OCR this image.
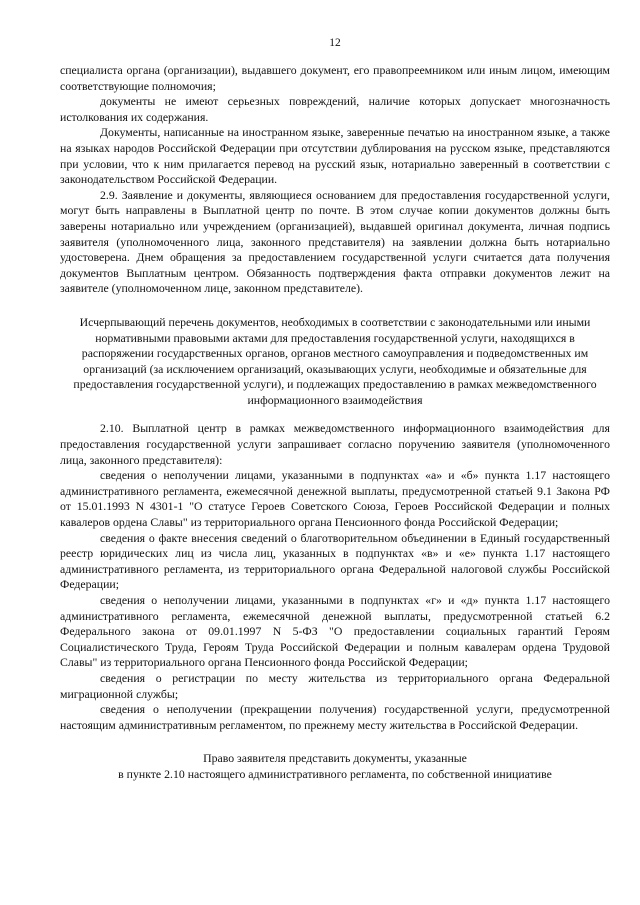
12

специалиста органа (организации), выдавшего документ, его правопреемником или иным лицом, имеющим соответствующие полномочия;

документы не имеют серьезных повреждений, наличие которых допускает многозначность истолкования их содержания.

Документы, написанные на иностранном языке, заверенные печатью на иностранном языке, а также на языках народов Российской Федерации при отсутствии дублирования на русском языке, представляются при условии, что к ним прилагается перевод на русский язык, нотариально заверенный в соответствии с законодательством Российской Федерации.

2.9. Заявление и документы, являющиеся основанием для предоставления государственной услуги, могут быть направлены в Выплатной центр по почте. В этом случае копии документов должны быть заверены нотариально или учреждением (организацией), выдавшей оригинал документа, личная подпись заявителя (уполномоченного лица, законного представителя) на заявлении должна быть нотариально удостоверена. Днем обращения за предоставлением государственной услуги считается дата получения документов Выплатным центром. Обязанность подтверждения факта отправки документов лежит на заявителе (уполномоченном лице, законном представителе).

Исчерпывающий перечень документов, необходимых в соответствии с законодательными или иными нормативными правовыми актами для предоставления государственной услуги, находящихся в распоряжении государственных органов, органов местного самоуправления и подведомственных им организаций (за исключением организаций, оказывающих услуги, необходимые и обязательные для предоставления государственной услуги), и подлежащих предоставлению в рамках межведомственного информационного взаимодействия

2.10. Выплатной центр в рамках межведомственного информационного взаимодействия для предоставления государственной услуги запрашивает согласно поручению заявителя (уполномоченного лица, законного представителя):

сведения о неполучении лицами, указанными в подпунктах «а» и «б» пункта 1.17 настоящего административного регламента, ежемесячной денежной выплаты, предусмотренной статьей 9.1 Закона РФ от 15.01.1993 N 4301-1 "О статусе Героев Советского Союза, Героев Российской Федерации и полных кавалеров ордена Славы" из территориального органа Пенсионного фонда Российской Федерации;

сведения о факте внесения сведений о благотворительном объединении в Единый государственный реестр юридических лиц из числа лиц, указанных в подпунктах «в» и «е» пункта 1.17 настоящего административного регламента, из территориального органа Федеральной налоговой службы Российской Федерации;

сведения о неполучении лицами, указанными в подпунктах «г» и «д» пункта 1.17 настоящего административного регламента, ежемесячной денежной выплаты, предусмотренной статьей 6.2 Федерального закона от 09.01.1997 N 5-ФЗ "О предоставлении социальных гарантий Героям Социалистического Труда, Героям Труда Российской Федерации и полным кавалерам ордена Трудовой Славы" из территориального органа Пенсионного фонда Российской Федерации;

сведения о регистрации по месту жительства из территориального органа Федеральной миграционной службы;

сведения о неполучении (прекращении получения) государственной услуги, предусмотренной настоящим административным регламентом, по прежнему месту жительства в Российской Федерации.

Право заявителя представить документы, указанные

в пункте 2.10 настоящего административного регламента, по собственной инициативе
